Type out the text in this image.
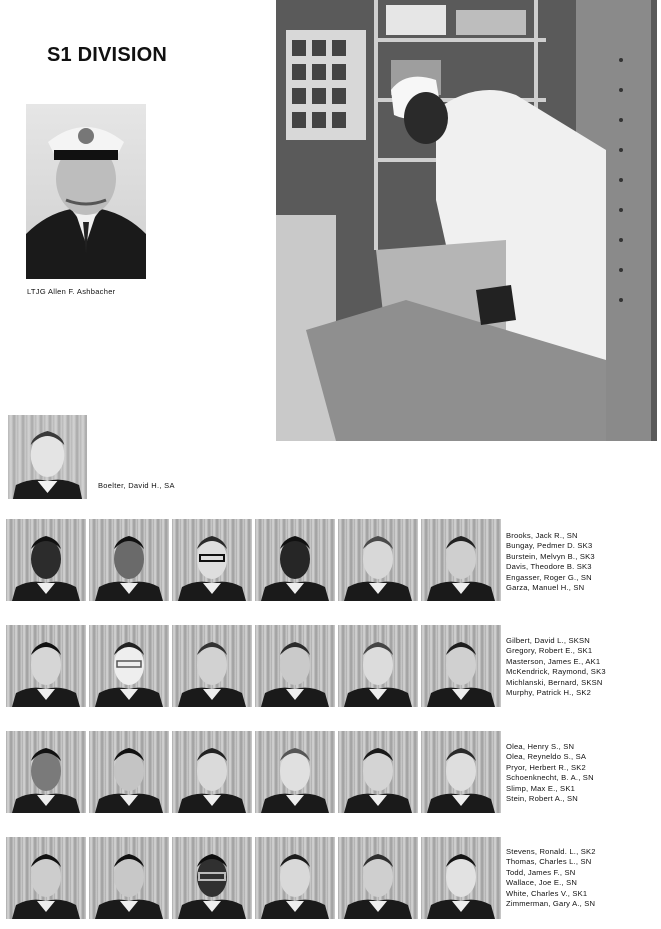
S1 DIVISION
LTJG Allen F. Ashbacher
Boelter, David H., SA
Brooks, Jack R., SN
Bungay, Pedmer D. SK3
Burstein, Melvyn B., SK3
Davis, Theodore B. SK3
Engasser, Roger G., SN
Garza, Manuel H., SN
Gilbert, David L., SKSN
Gregory, Robert E., SK1
Masterson, James E., AK1
McKendrick, Raymond, SK3
Michlanski, Bernard, SKSN
Murphy, Patrick H., SK2
Olea, Henry S., SN
Olea, Reyneldo S., SA
Pryor, Herbert R., SK2
Schoenknecht, B. A., SN
Slimp, Max E., SK1
Stein, Robert A., SN
Stevens, Ronald. L., SK2
Thomas, Charles L., SN
Todd, James F., SN
Wallace, Joe E., SN
White, Charles V., SK1
Zimmerman, Gary A., SN
